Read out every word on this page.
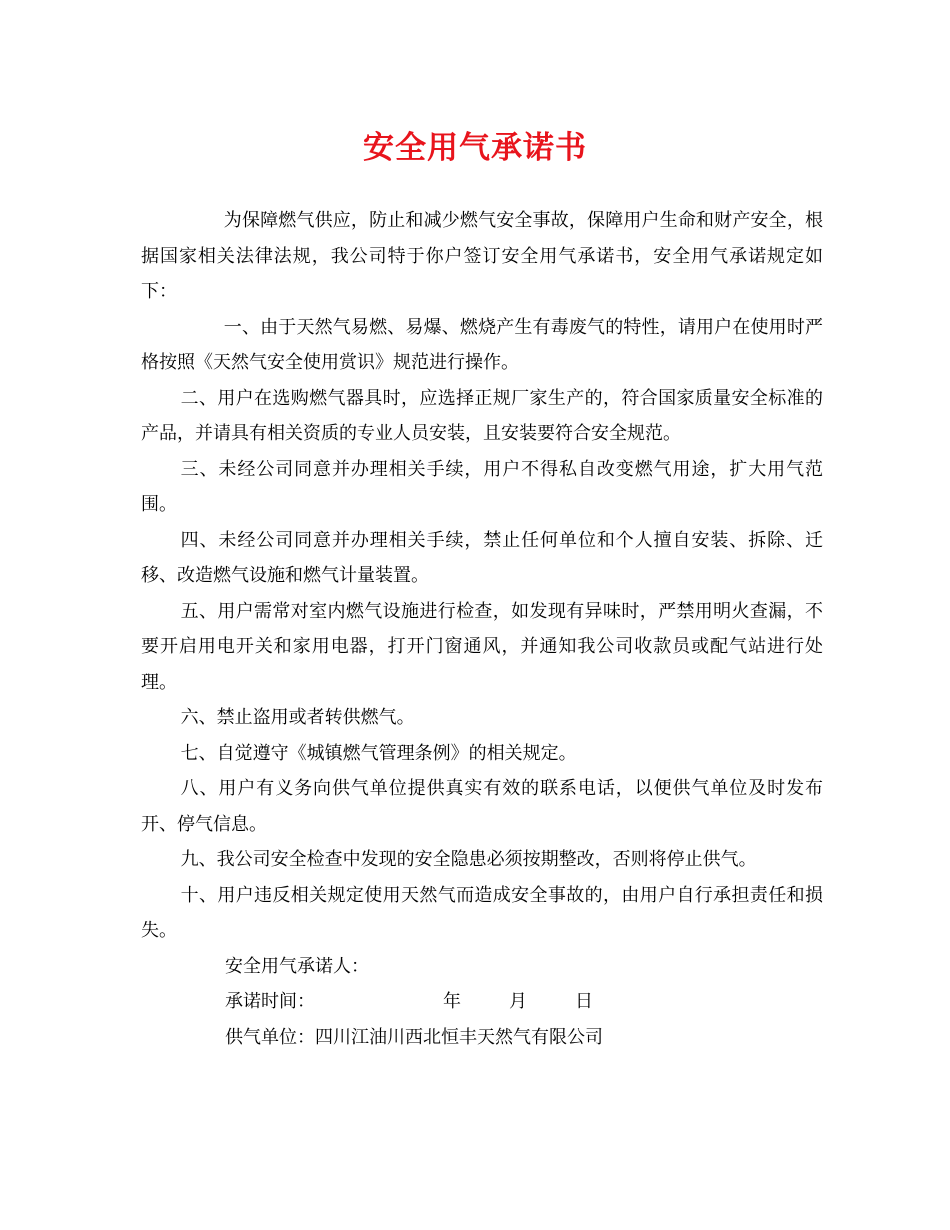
安全用气承诺书

为保障燃气供应，防止和减少燃气安全事故，保障用户生命和财产安全，根据国家相关法律法规，我公司特于你户签订安全用气承诺书，安全用气承诺规定如下：

一、由于天然气易燃、易爆、燃烧产生有毒废气的特性，请用户在使用时严格按照《天然气安全使用赏识》规范进行操作。

二、用户在选购燃气器具时，应选择正规厂家生产的，符合国家质量安全标准的产品，并请具有相关资质的专业人员安装，且安装要符合安全规范。

三、未经公司同意并办理相关手续，用户不得私自改变燃气用途，扩大用气范围。

四、未经公司同意并办理相关手续，禁止任何单位和个人擅自安装、拆除、迁移、改造燃气设施和燃气计量装置。

五、用户需常对室内燃气设施进行检查，如发现有异味时，严禁用明火查漏，不要开启用电开关和家用电器，打开门窗通风，并通知我公司收款员或配气站进行处理。

六、禁止盗用或者转供燃气。

七、自觉遵守《城镇燃气管理条例》的相关规定。

八、用户有义务向供气单位提供真实有效的联系电话，以便供气单位及时发布开、停气信息。

九、我公司安全检查中发现的安全隐患必须按期整改，否则将停止供气。

十、用户违反相关规定使用天然气而造成安全事故的，由用户自行承担责任和损失。

安全用气承诺人：

承诺时间：	年	月	日

供气单位：四川江油川西北恒丰天然气有限公司
